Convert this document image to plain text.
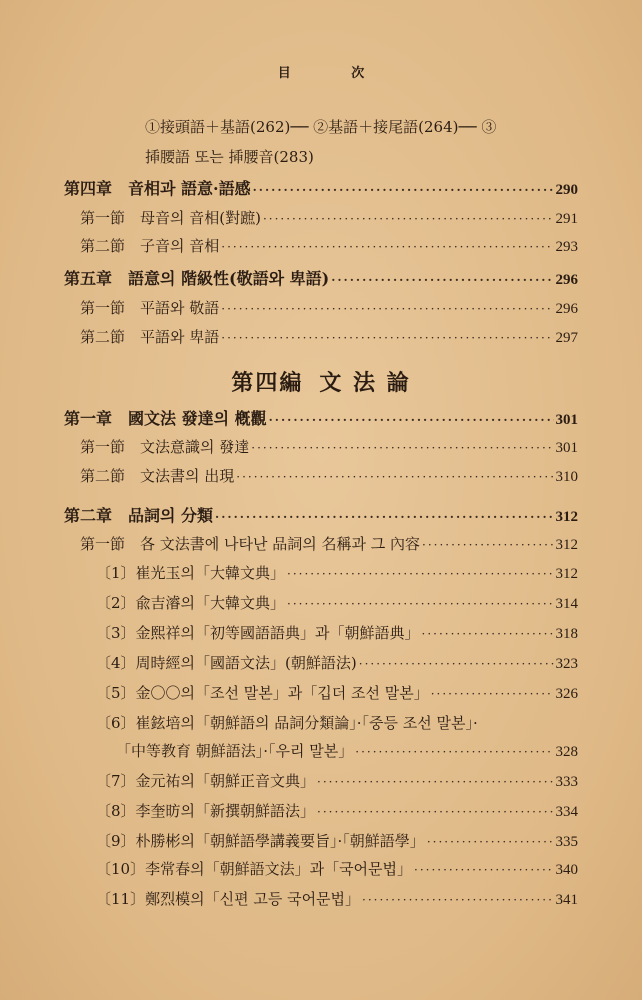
目	次
①接頭語＋基語(262)── ②基語＋接尾語(264)── ③
揷腰語 또는 揷腰音(283)
第四章　音相과 語意·語感 ·····	290
第一節　母音의 音相(對蹠) ·····	291
第二節　子音의 音相 ·····	293
第五章　語意의 階級性(敬語와 卑語) ·····	296
第一節　平語와 敬語 ·····	296
第二節　平語와 卑語 ·····	297
第四編 文 法 論
第一章　國文法 發達의 槪觀 ·····	301
第一節　文法意識의 發達 ·····	301
第二節　文法書의 出現 ·····	310
第二章　品詞의 分類 ·····	312
第一節　各 文法書에 나타난 品詞의 名稱과 그 內容 ·····	312
〔1〕崔光玉의「大韓文典」 ·····	312
〔2〕兪吉濬의「大韓文典」 ·····	314
〔3〕金熙祥의「初等國語語典」과「朝鮮語典」 ·····	318
〔4〕周時經의「國語文法」(朝鮮語法) ·····	323
〔5〕金〇〇의「조선 말본」과「깁더 조선 말본」 ·····	326
〔6〕崔鉉培의「朝鮮語의 品詞分類論」·「중등 조선 말본」·
「中等教育 朝鮮語法」·「우리 말본」 ·····	328
〔7〕金元祐의「朝鮮正音文典」 ·····	333
〔8〕李奎昉의「新撰朝鮮語法」 ·····	334
〔9〕朴勝彬의「朝鮮語學講義要旨」·「朝鮮語學」 ·····	335
〔10〕李常春의「朝鮮語文法」과「국어문법」 ·····	340
〔11〕鄭烈模의「신편 고등 국어문법」 ·····	341
